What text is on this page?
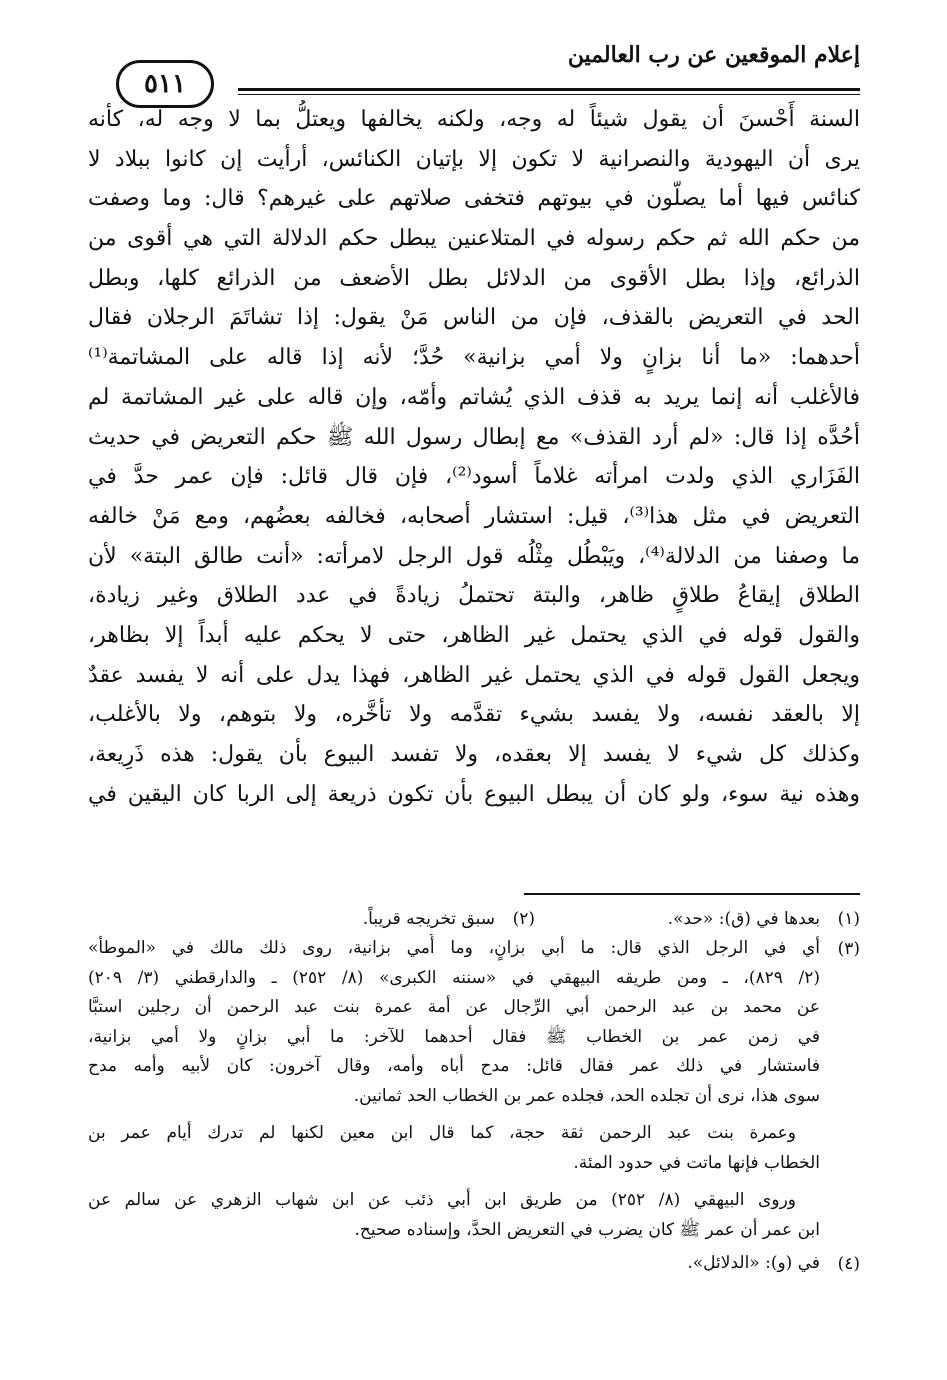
إعلام الموقعين عن رب العالمين
٥١١
السنة أَحْسنَ أن يقول شيئاً له وجه، ولكنه يخالفها ويعتلُّ بما لا وجه له، كأنه
يرى أن اليهودية والنصرانية لا تكون إلا بإتيان الكنائس، أرأيت إن كانوا ببلاد لا
كنائس فيها أما يصلّون في بيوتهم فتخفى صلاتهم على غيرهم؟ قال: وما وصفت
من حكم الله ثم حكم رسوله في المتلاعنين يبطل حكم الدلالة التي هي أقوى من
الذرائع، وإذا بطل الأقوى من الدلائل بطل الأضعف من الذرائع كلها، وبطل
الحد في التعريض بالقذف، فإن من الناس مَنْ يقول: إذا تشاتَمَ الرجلان فقال
أحدهما: «ما أنا بزانٍ ولا أمي بزانية» حُدَّ؛ لأنه إذا قاله على المشاتمة⁽¹⁾
فالأغلب أنه إنما يريد به قذف الذي يُشاتم وأمّه، وإن قاله على غير المشاتمة لم
أحُدَّه إذا قال: «لم أرد القذف» مع إبطال رسول الله ﷺ حكم التعريض في حديث
الفَزَاري الذي ولدت امرأته غلاماً أسود⁽²⁾، فإن قال قائل: فإن عمر حدَّ في
التعريض في مثل هذا⁽³⁾، قيل: استشار أصحابه، فخالفه بعضُهم، ومع مَنْ خالفه
ما وصفنا من الدلالة⁽⁴⁾، ويَبْطُل مِثْلُه قول الرجل لامرأته: «أنت طالق البتة» لأن
الطلاق إيقاعُ طلاقٍ ظاهر، والبتة تحتملُ زيادةً في عدد الطلاق وغير زيادة،
والقول قوله في الذي يحتمل غير الظاهر، حتى لا يحكم عليه أبداً إلا بظاهر،
ويجعل القول قوله في الذي يحتمل غير الظاهر، فهذا يدل على أنه لا يفسد عقدٌ
إلا بالعقد نفسه، ولا يفسد بشيء تقدَّمه ولا تأخَّره، ولا بتوهم، ولا بالأغلب،
وكذلك كل شيء لا يفسد إلا بعقده، ولا تفسد البيوع بأن يقول: هذه ذَرِيعة،
وهذه نية سوء، ولو كان أن يبطل البيوع بأن تكون ذريعة إلى الربا كان اليقين في
(١)
بعدها في (ق): «حد».
(٢)
سبق تخريجه قريباً.
(٣)
أي في الرجل الذي قال: ما أبي بزانٍ، وما أُمي بزانية، روى ذلك مالك في «الموطأ»
(٢/ ٨٢٩)، ـ ومن طريقه البيهقي في «سننه الكبرى» (٨/ ٢٥٢) ـ والدارقطني (٣/ ٢٠٩)
عن محمد بن عبد الرحمن أبي الرِّجال عن أمة عمرة بنت عبد الرحمن أن رجلين استبَّا
في زمن عمر بن الخطاب ﷺ فقال أحدهما للآخر: ما أبي بزانٍ ولا أمي بزانية،
فاستشار في ذلك عمر فقال قائل: مدح أباه وأمه، وقال آخرون: كان لأبيه وأمه مدح
سوى هذا، نرى أن تجلده الحد، فجلده عمر بن الخطاب الحد ثمانين.
وعمرة بنت عبد الرحمن ثقة حجة، كما قال ابن معين لكنها لم تدرك أيام عمر بن
الخطاب فإنها ماتت في حدود المئة.
وروى البيهقي (٨/ ٢٥٢) من طريق ابن أبي ذئب عن ابن شهاب الزهري عن سالم عن
ابن عمر أن عمر ﷺ كان يضرب في التعريض الحدَّ، وإسناده صحيح.
(٤)
في (و): «الدلائل».
